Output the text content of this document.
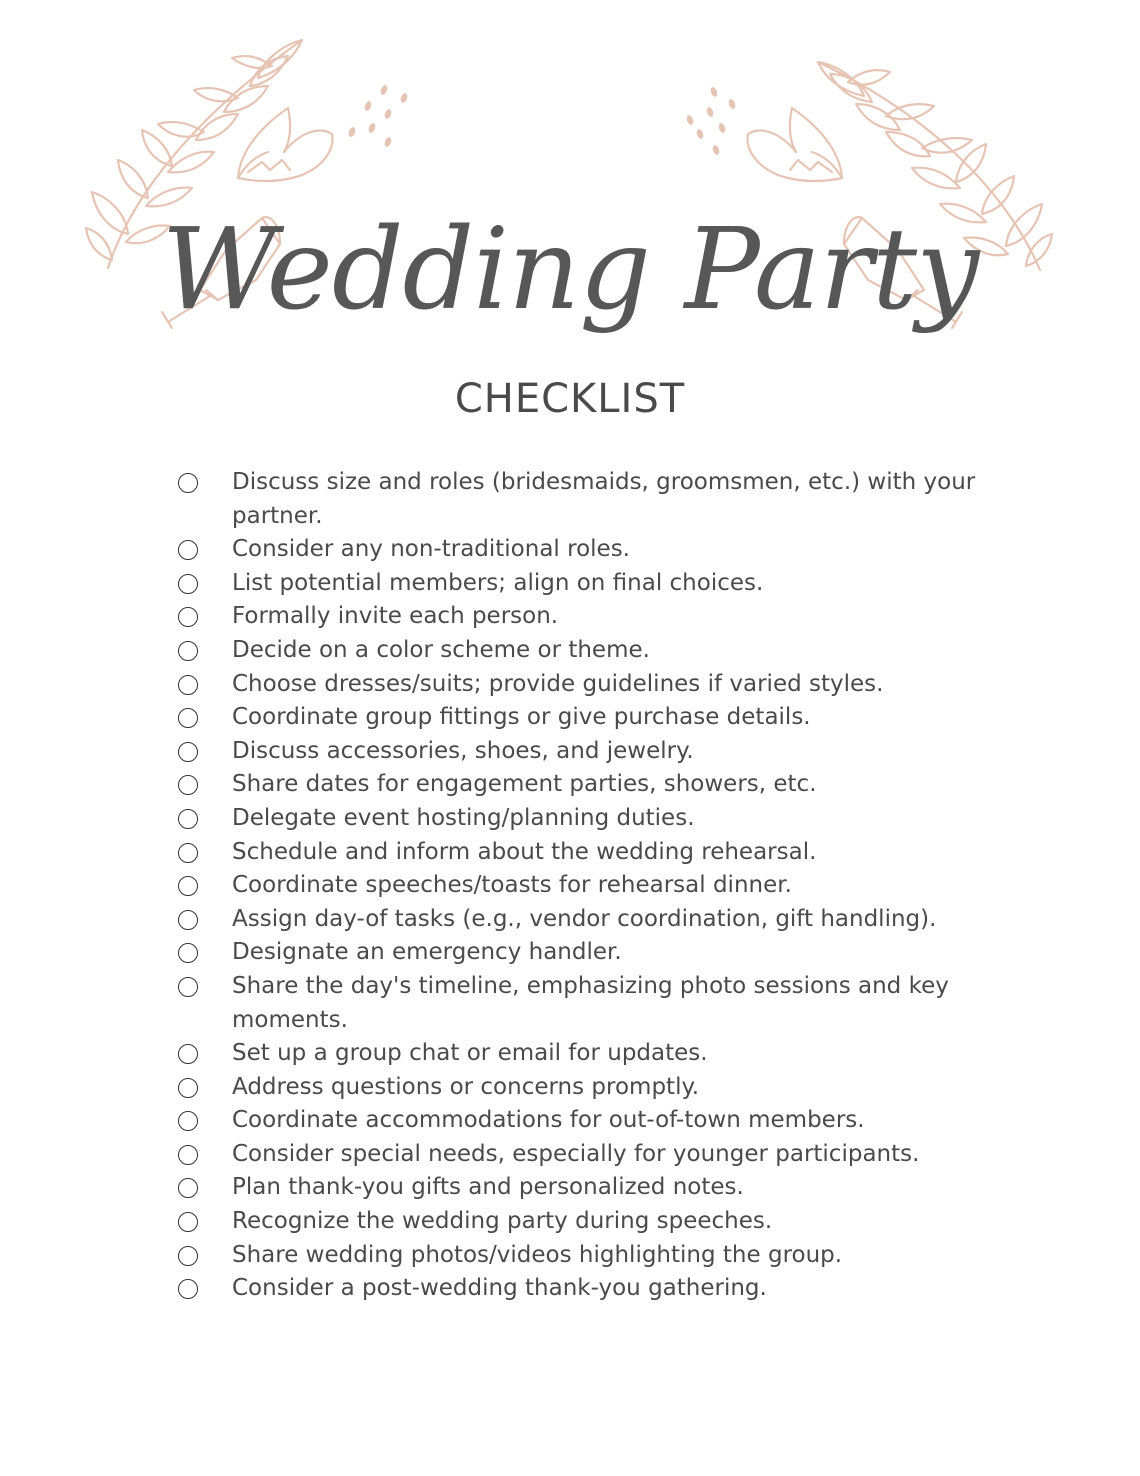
Wedding Party
CHECKLIST
Discuss size and roles (bridesmaids, groomsmen, etc.) with your partner.
Consider any non-traditional roles.
List potential members; align on final choices.
Formally invite each person.
Decide on a color scheme or theme.
Choose dresses/suits; provide guidelines if varied styles.
Coordinate group fittings or give purchase details.
Discuss accessories, shoes, and jewelry.
Share dates for engagement parties, showers, etc.
Delegate event hosting/planning duties.
Schedule and inform about the wedding rehearsal.
Coordinate speeches/toasts for rehearsal dinner.
Assign day-of tasks (e.g., vendor coordination, gift handling).
Designate an emergency handler.
Share the day's timeline, emphasizing photo sessions and key moments.
Set up a group chat or email for updates.
Address questions or concerns promptly.
Coordinate accommodations for out-of-town members.
Consider special needs, especially for younger participants.
Plan thank-you gifts and personalized notes.
Recognize the wedding party during speeches.
Share wedding photos/videos highlighting the group.
Consider a post-wedding thank-you gathering.
